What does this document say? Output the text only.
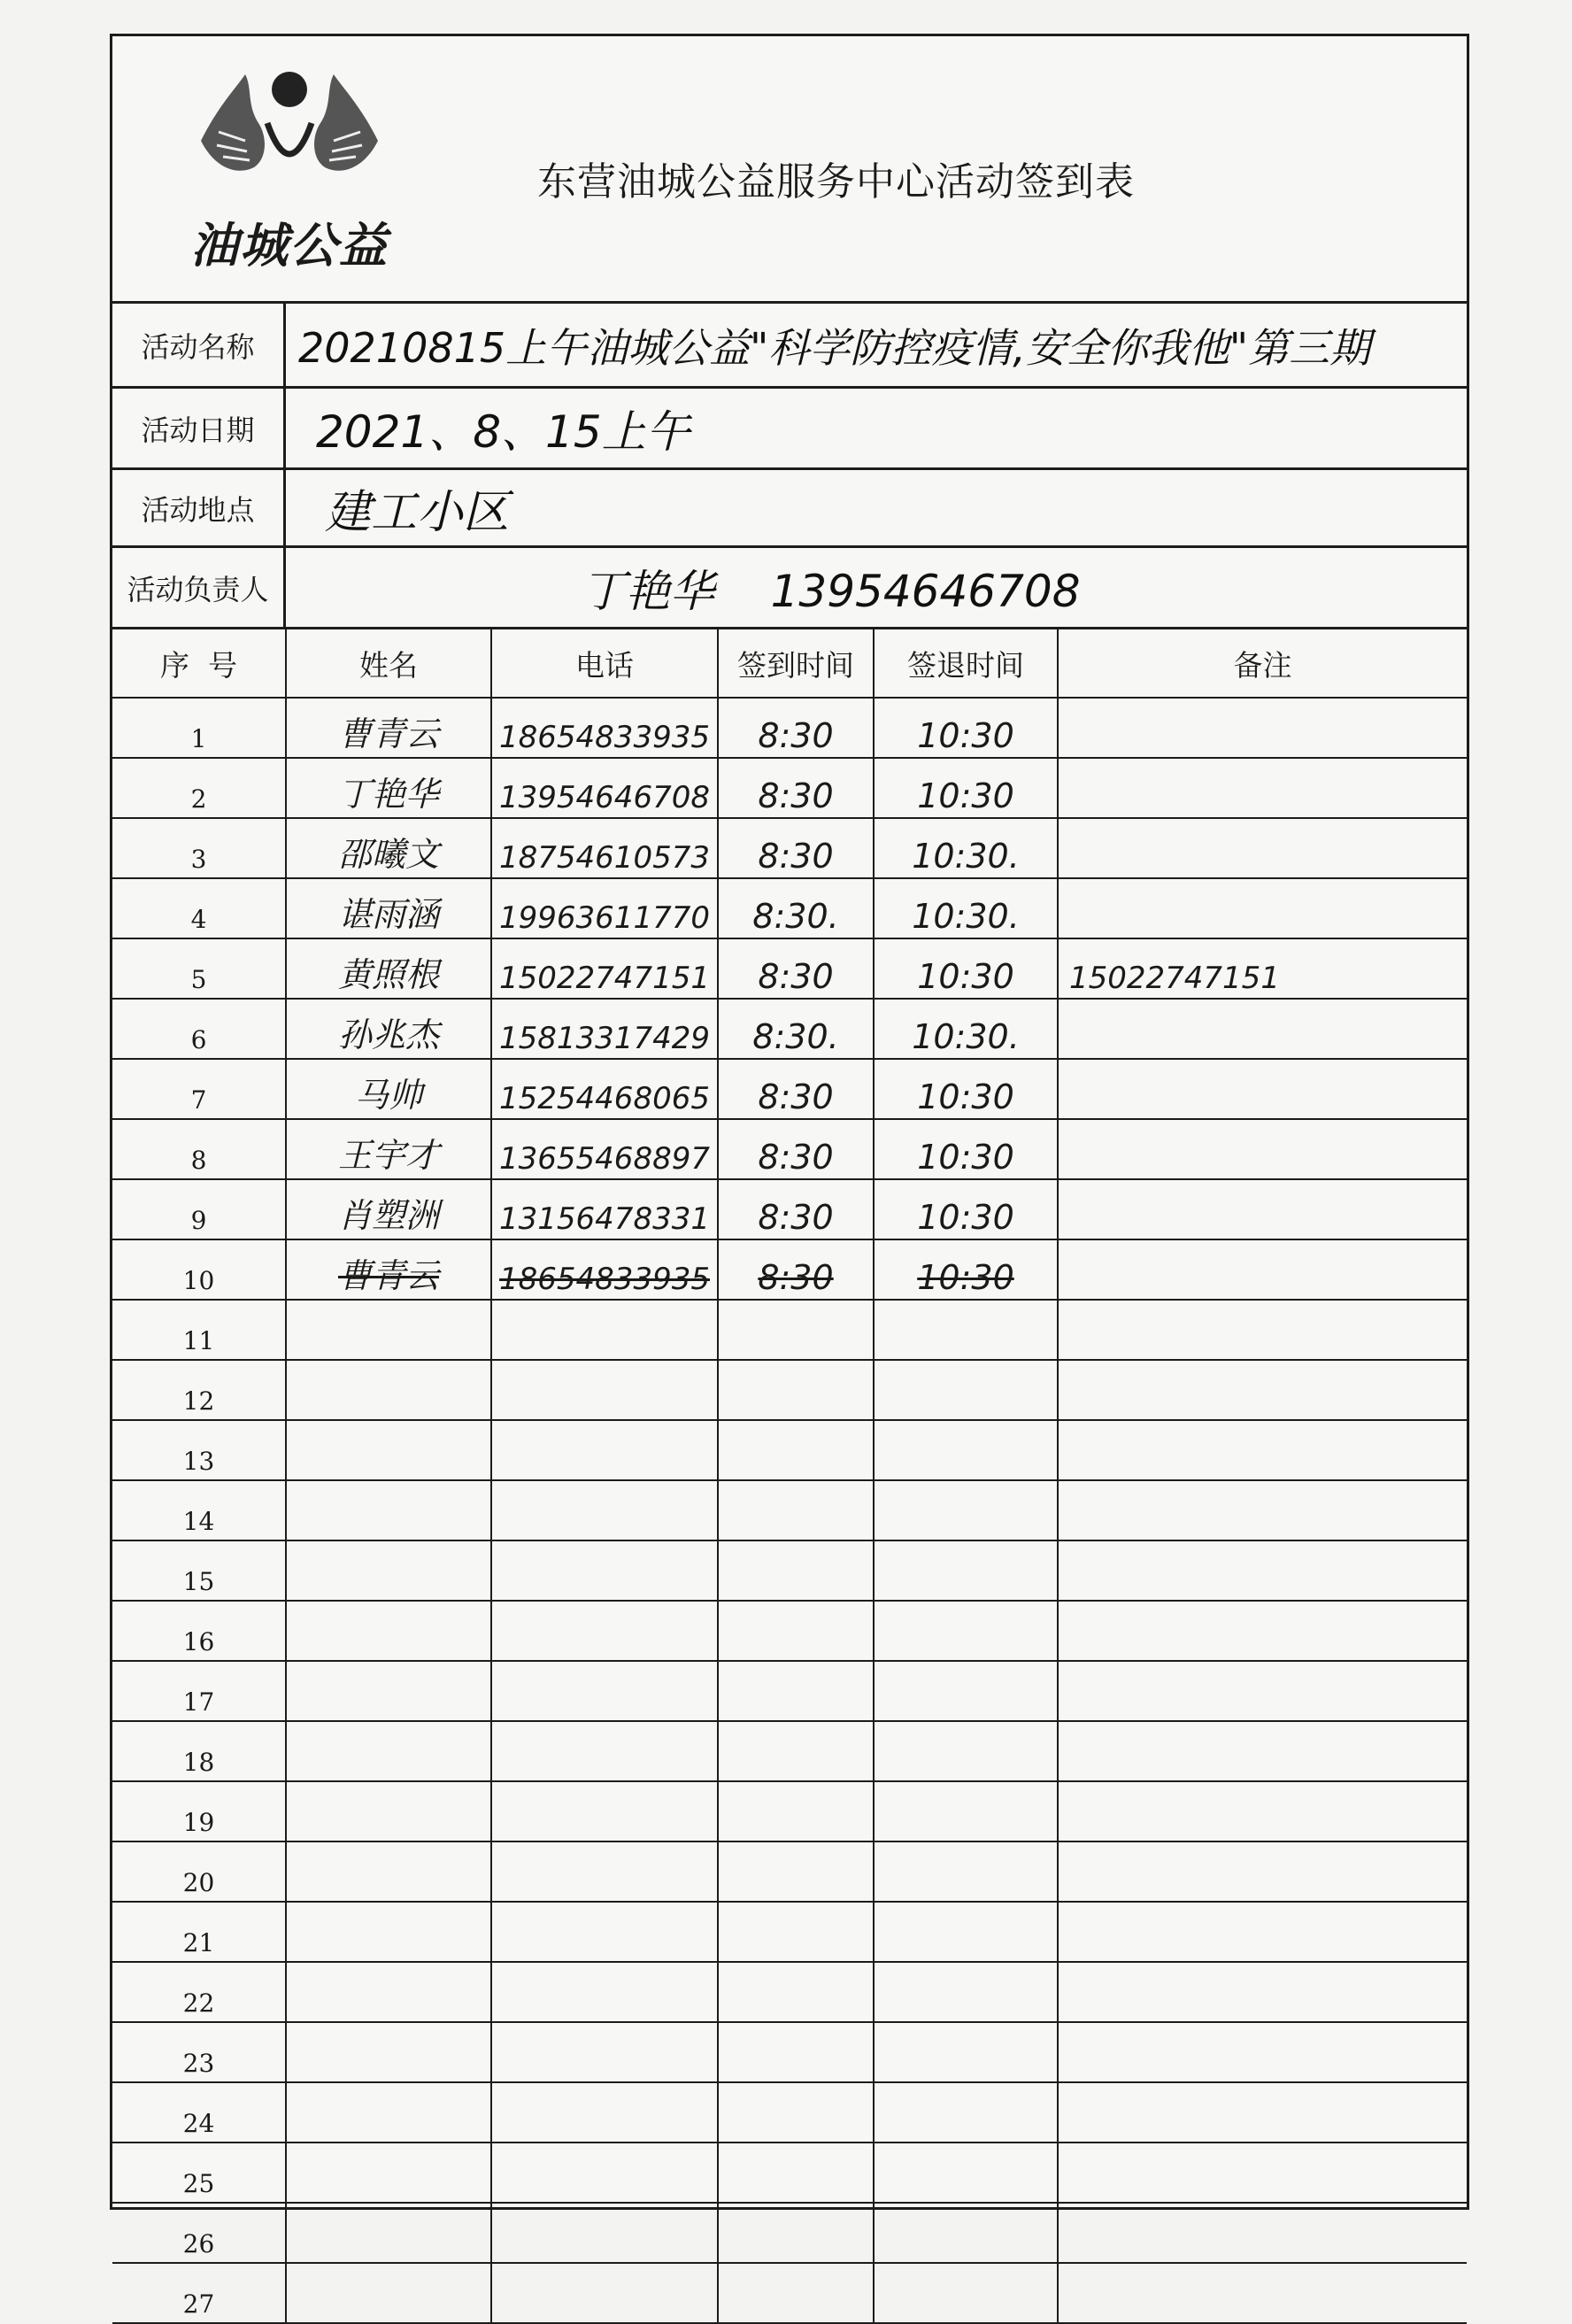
油城公益
东营油城公益服务中心活动签到表
活动名称	20210815上午油城公益"科学防控疫情,安全你我他"第三期
活动日期	2021、8、15上午
活动地点	建工小区
活动负责人	丁艳华    13954646708
序  号	姓名	电话	签到时间	签退时间	备注
1	曹青云	18654833935	8:30	10:30	
2	丁艳华	13954646708	8:30	10:30	
3	邵曦文	18754610573	8:30	10:30.	
4	谌雨涵	19963611770	8:30.	10:30.	
5	黄照根	15022747151	8:30	10:30	15022747151
6	孙兆杰	15813317429	8:30.	10:30.	
7	马帅	15254468065	8:30	10:30	
8	王宇才	13655468897	8:30	10:30	
9	肖塑洲	13156478331	8:30	10:30	
10	曹青云	18654833935	8:30	10:30	
11					
12					
13					
14					
15					
16					
17					
18					
19					
20					
21					
22					
23					
24					
25					
26					
27					
